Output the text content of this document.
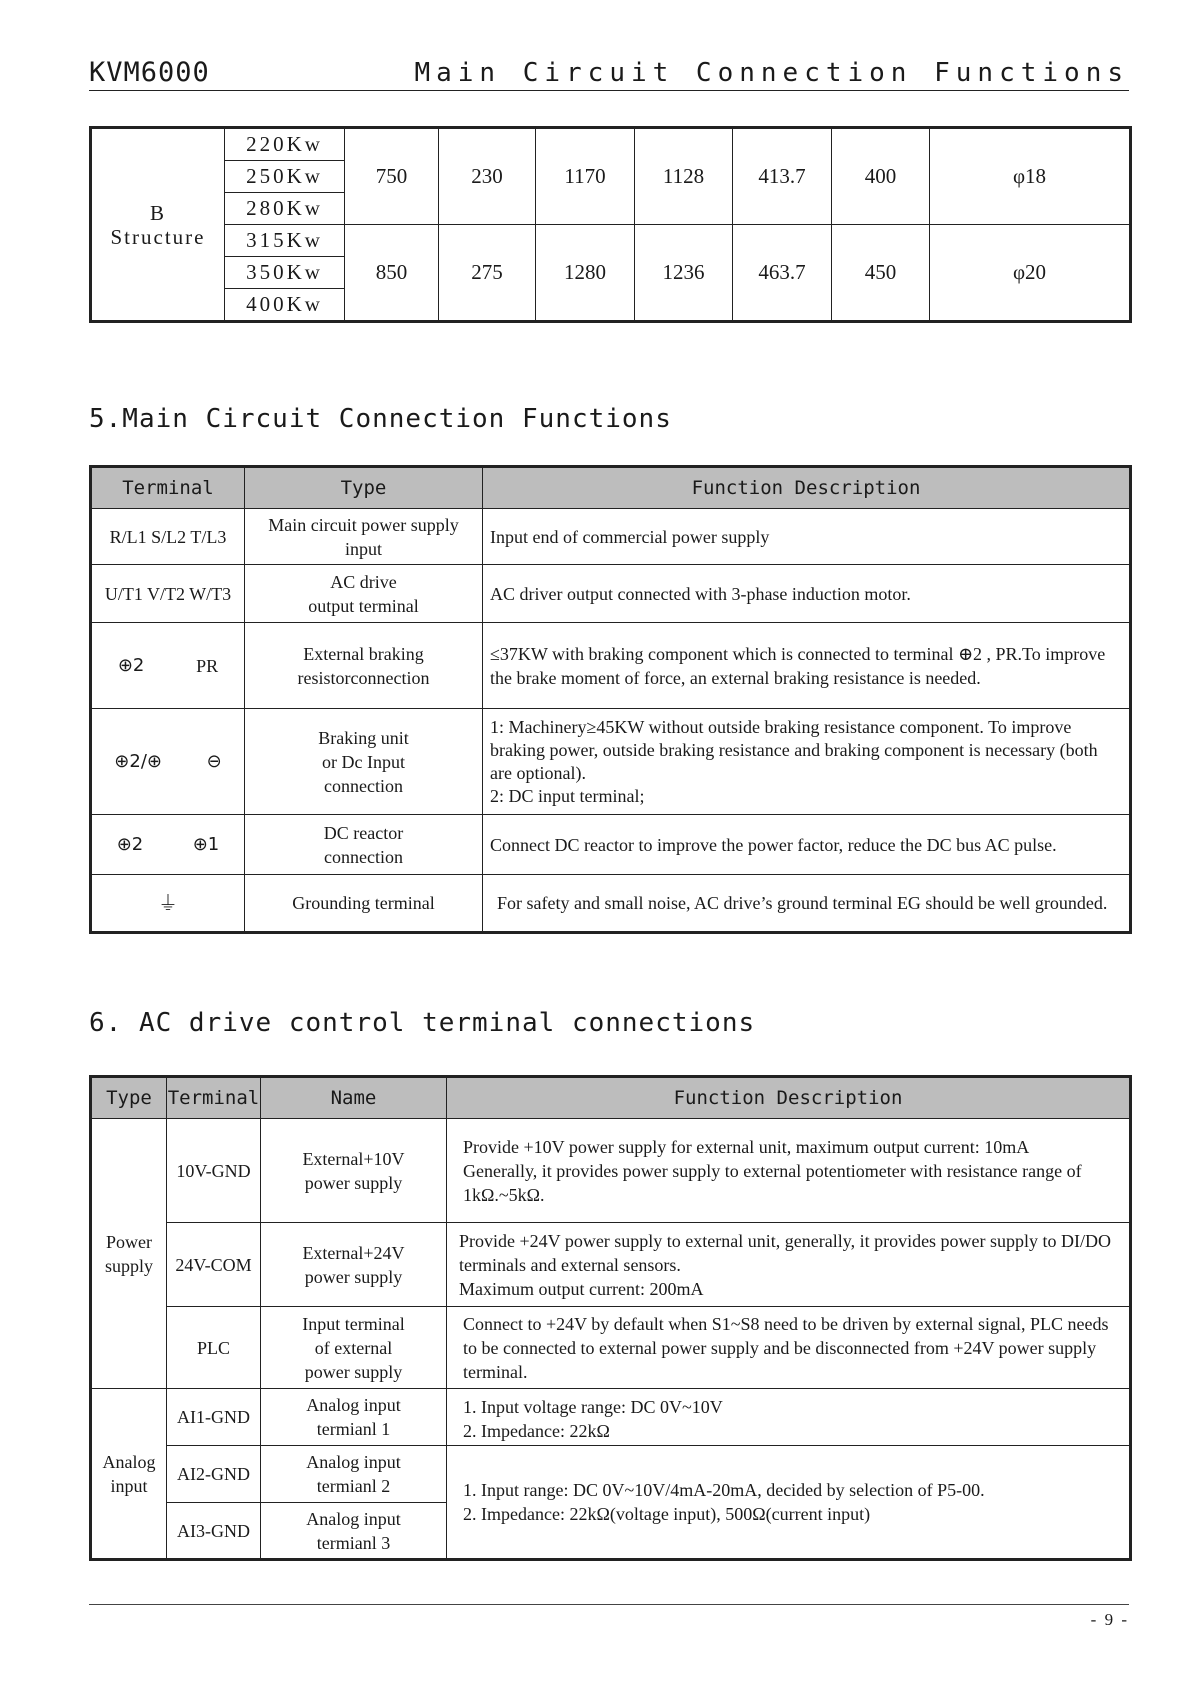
KVM6000	Main Circuit Connection Functions
B
Structure	220Kw	750	230	1170	1128	413.7	400	φ18
	250Kw							
	280Kw							
	315Kw	850	275	1280	1236	463.7	450	φ20
	350Kw							
	400Kw							
5.Main Circuit Connection Functions
Terminal	Type	Function Description
R/L1 S/L2 T/L3	Main circuit power supply input	Input end of commercial power supply
U/T1 V/T2 W/T3	AC drive
output terminal	AC driver output connected with 3-phase induction motor.

⊕2 PR	External braking resistorconnection	≤37KW with braking component which is connected to terminal ⊕2 , PR.To improve the brake moment of force, an external braking resistance is needed.

⊕2/⊕ ⊖	Braking unit
or Dc Input
connection	1: Machinery≥45KW without outside braking resistance component. To improve braking power, outside braking resistance and braking component is necessary (both are optional).
2: DC input terminal;

⊕2 ⊕1	DC reactor
connection	Connect DC reactor to improve the power factor, reduce the DC bus AC pulse.
⏚	Grounding terminal	For safety and small noise, AC drive’s ground terminal EG should be well grounded.
6. AC drive control terminal connections
Type	Terminal	Name	Function Description
Power
supply	10V-GND	External+10V
power supply	Provide +10V power supply for external unit, maximum output current: 10mA
Generally, it provides power supply to external potentiometer with resistance range of 1kΩ.~5kΩ.
	24V-COM	External+24V
power supply	Provide +24V power supply to external unit, generally, it provides power supply to DI/DO terminals and external sensors.
Maximum output current: 200mA
	PLC	Input terminal
of external
power supply	Connect to +24V by default when S1~S8 need to be driven by external signal, PLC needs to be connected to external power supply and be disconnected from +24V power supply terminal.
Analog
input	AI1-GND	Analog input
termianl 1	1. Input voltage range: DC 0V~10V
2. Impedance: 22kΩ
	AI2-GND	Analog input
termianl 2	1. Input range: DC 0V~10V/4mA-20mA, decided by selection of P5-00.
2. Impedance: 22kΩ(voltage input), 500Ω(current input)
	AI3-GND	Analog input
termianl 3	
- 9 -
